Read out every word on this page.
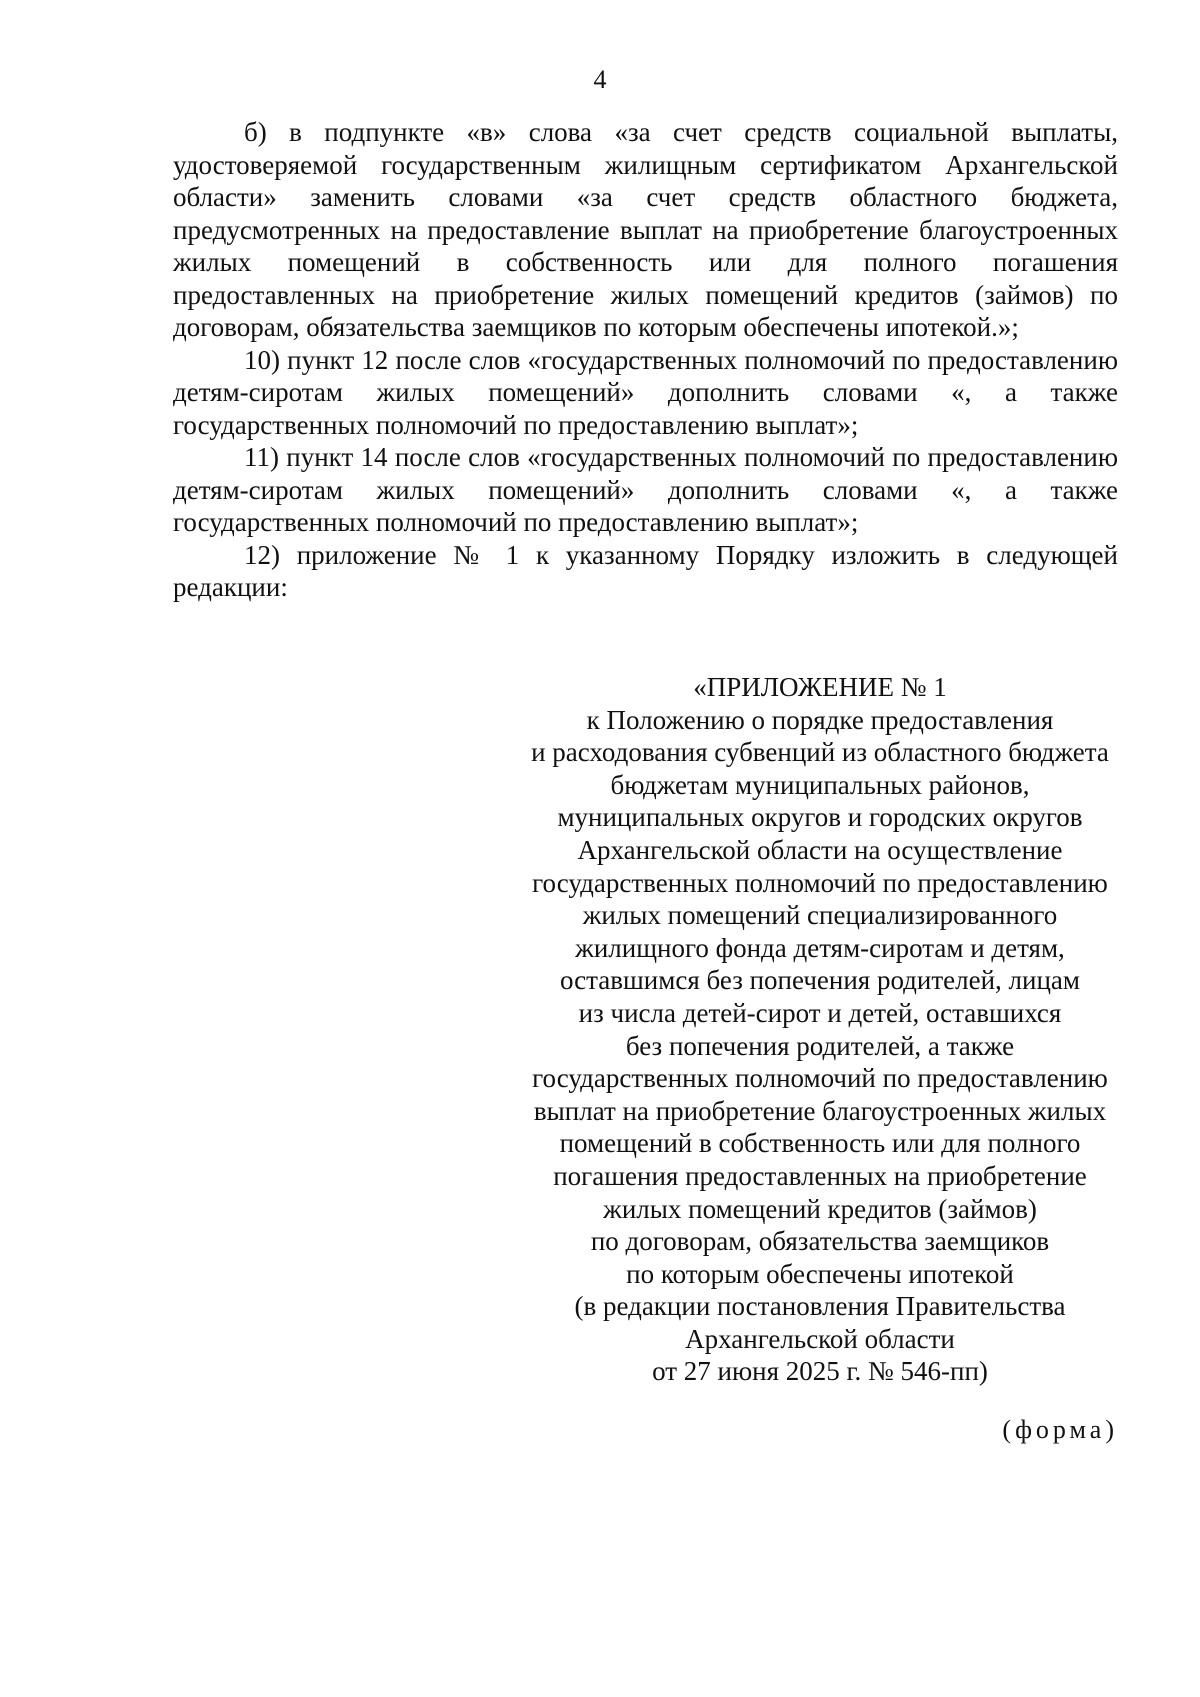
4

б) в подпункте «в» слова «за счет средств социальной выплаты, удостоверяемой государственным жилищным сертификатом Архангельской области» заменить словами «за счет средств областного бюджета, предусмотренных на предоставление выплат на приобретение благоустроенных жилых помещений в собственность или для полного погашения предоставленных на приобретение жилых помещений кредитов (займов) по договорам, обязательства заемщиков по которым обеспечены ипотекой.»;

10) пункт 12 после слов «государственных полномочий по предоставлению детям-сиротам жилых помещений» дополнить словами «, а также государственных полномочий по предоставлению выплат»;

11) пункт 14 после слов «государственных полномочий по предоставлению детям-сиротам жилых помещений» дополнить словами «, а также государственных полномочий по предоставлению выплат»;

12) приложение № 1 к указанному Порядку изложить в следующей редакции:

«ПРИЛОЖЕНИЕ № 1
к Положению о порядке предоставления
и расходования субвенций из областного бюджета
бюджетам муниципальных районов,
муниципальных округов и городских округов
Архангельской области на осуществление
государственных полномочий по предоставлению
жилых помещений специализированного
жилищного фонда детям-сиротам и детям,
оставшимся без попечения родителей, лицам
из числа детей-сирот и детей, оставшихся
без попечения родителей, а также
государственных полномочий по предоставлению
выплат на приобретение благоустроенных жилых
помещений в собственность или для полного
погашения предоставленных на приобретение
жилых помещений кредитов (займов)
по договорам, обязательства заемщиков
по которым обеспечены ипотекой
(в редакции постановления Правительства
Архангельской области
от 27 июня 2025 г. № 546-пп)
(форма)
